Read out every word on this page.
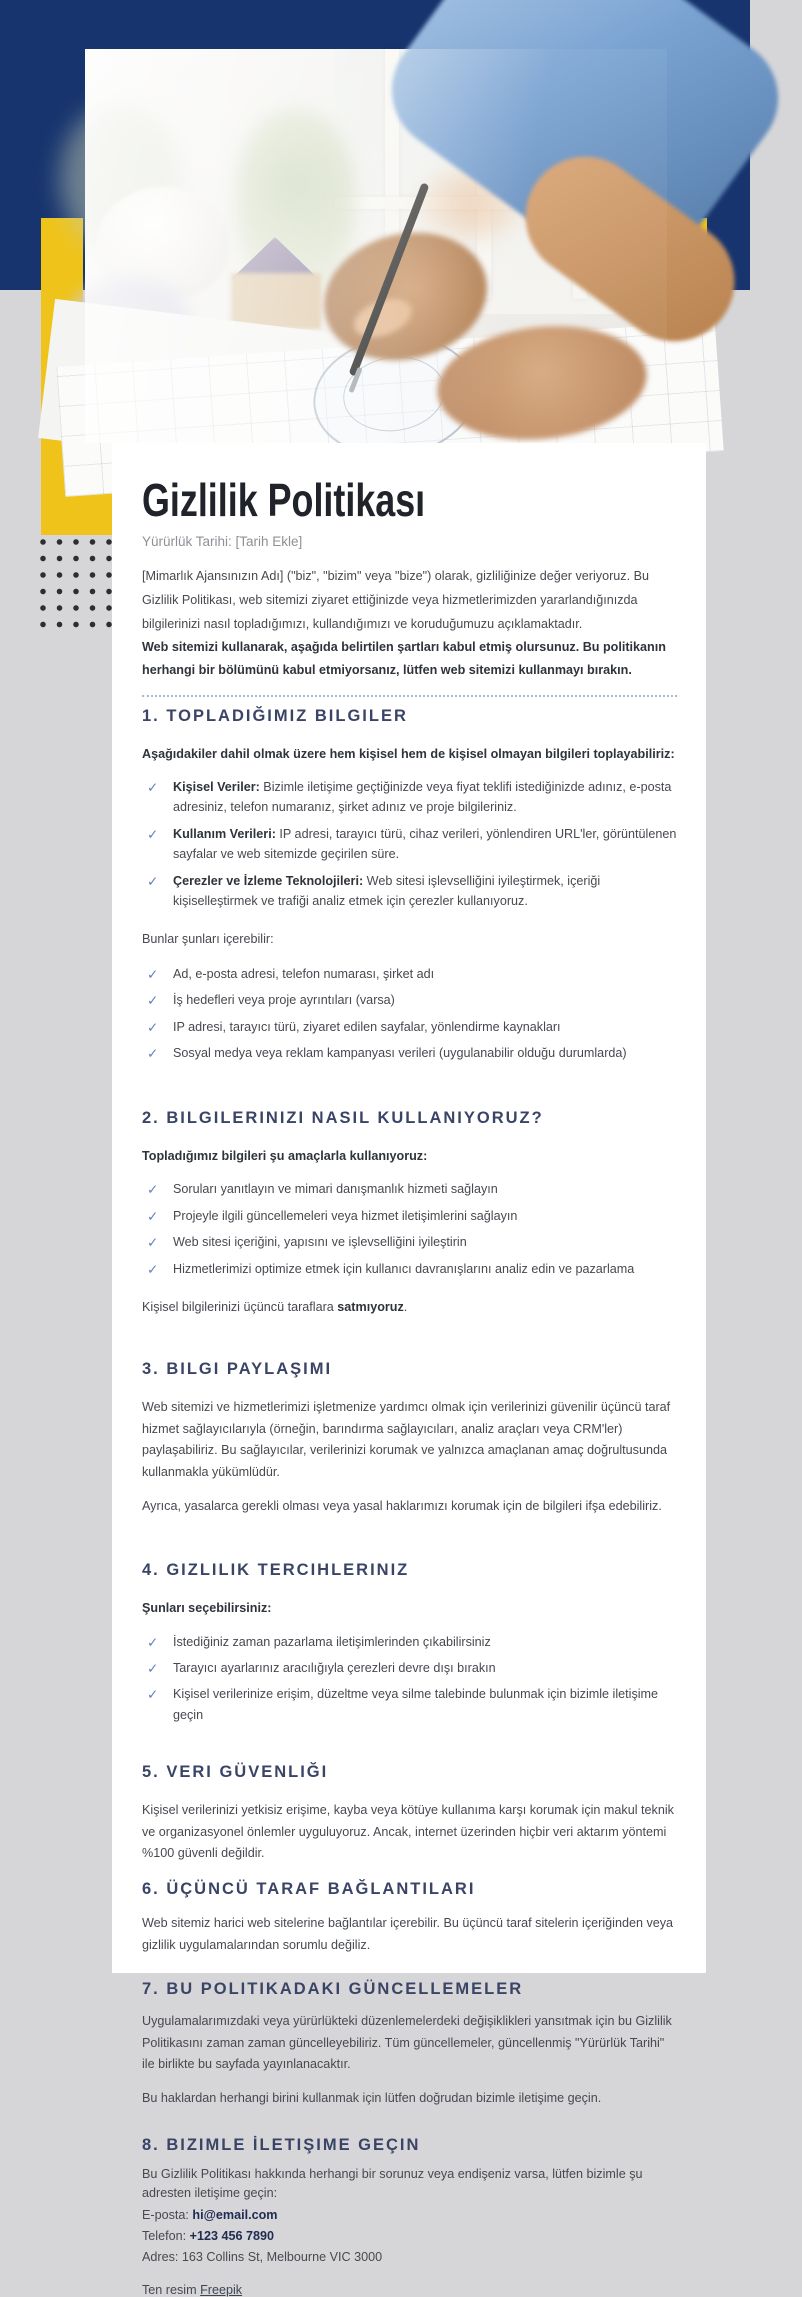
Gizlilik Politikası

Yürürlük Tarihi: [Tarih Ekle]

[Mimarlık Ajansınızın Adı] ("biz", "bizim" veya "bize") olarak, gizliliğinize değer veriyoruz. Bu Gizlilik Politikası, web sitemizi ziyaret ettiğinizde veya hizmetlerimizden yararlandığınızda bilgilerinizi nasıl topladığımızı, kullandığımızı ve koruduğumuzu açıklamaktadır.

Web sitemizi kullanarak, aşağıda belirtilen şartları kabul etmiş olursunuz. Bu politikanın herhangi bir bölümünü kabul etmiyorsanız, lütfen web sitemizi kullanmayı bırakın.

1. TOPLADIĞIMIZ BILGILER

Aşağıdakiler dahil olmak üzere hem kişisel hem de kişisel olmayan bilgileri toplayabiliriz:

✓ Kişisel Veriler: Bizimle iletişime geçtiğinizde veya fiyat teklifi istediğinizde adınız, e-posta adresiniz, telefon numaranız, şirket adınız ve proje bilgileriniz.
✓ Kullanım Verileri: IP adresi, tarayıcı türü, cihaz verileri, yönlendiren URL'ler, görüntülenen sayfalar ve web sitemizde geçirilen süre.
✓ Çerezler ve İzleme Teknolojileri: Web sitesi işlevselliğini iyileştirmek, içeriği kişiselleştirmek ve trafiği analiz etmek için çerezler kullanıyoruz.

Bunlar şunları içerebilir:

✓ Ad, e-posta adresi, telefon numarası, şirket adı
✓ İş hedefleri veya proje ayrıntıları (varsa)
✓ IP adresi, tarayıcı türü, ziyaret edilen sayfalar, yönlendirme kaynakları
✓ Sosyal medya veya reklam kampanyası verileri (uygulanabilir olduğu durumlarda)
2. BILGILERINIZI NASIL KULLANIYORUZ?

Topladığımız bilgileri şu amaçlarla kullanıyoruz:

✓ Soruları yanıtlayın ve mimari danışmanlık hizmeti sağlayın
✓ Projeyle ilgili güncellemeleri veya hizmet iletişimlerini sağlayın
✓ Web sitesi içeriğini, yapısını ve işlevselliğini iyileştirin
✓ Hizmetlerimizi optimize etmek için kullanıcı davranışlarını analiz edin ve pazarlama

Kişisel bilgilerinizi üçüncü taraflara satmıyoruz.

3. BILGI PAYLAŞIMI

Web sitemizi ve hizmetlerimizi işletmenize yardımcı olmak için verilerinizi güvenilir üçüncü taraf hizmet sağlayıcılarıyla (örneğin, barındırma sağlayıcıları, analiz araçları veya CRM'ler) paylaşabiliriz. Bu sağlayıcılar, verilerinizi korumak ve yalnızca amaçlanan amaç doğrultusunda kullanmakla yükümlüdür.

Ayrıca, yasalarca gerekli olması veya yasal haklarımızı korumak için de bilgileri ifşa edebiliriz.

4. GIZLILIK TERCIHLERINIZ

Şunları seçebilirsiniz:

✓ İstediğiniz zaman pazarlama iletişimlerinden çıkabilirsiniz
✓ Tarayıcı ayarlarınız aracılığıyla çerezleri devre dışı bırakın
✓ Kişisel verilerinize erişim, düzeltme veya silme talebinde bulunmak için bizimle iletişime geçin
5. VERI GÜVENLIĞI

Kişisel verilerinizi yetkisiz erişime, kayba veya kötüye kullanıma karşı korumak için makul teknik ve organizasyonel önlemler uyguluyoruz. Ancak, internet üzerinden hiçbir veri aktarım yöntemi %100 güvenli değildir.

6. ÜÇÜNCÜ TARAF BAĞLANTILARI

Web sitemiz harici web sitelerine bağlantılar içerebilir. Bu üçüncü taraf sitelerin içeriğinden veya gizlilik uygulamalarından sorumlu değiliz.

7. BU POLITIKADAKI GÜNCELLEMELER

Uygulamalarımızdaki veya yürürlükteki düzenlemelerdeki değişiklikleri yansıtmak için bu Gizlilik Politikasını zaman zaman güncelleyebiliriz. Tüm güncellemeler, güncellenmiş "Yürürlük Tarihi" ile birlikte bu sayfada yayınlanacaktır.

Bu haklardan herhangi birini kullanmak için lütfen doğrudan bizimle iletişime geçin.

8. BIZIMLE İLETIŞIME GEÇIN

Bu Gizlilik Politikası hakkında herhangi bir sorunuz veya endişeniz varsa, lütfen bizimle şu adresten iletişime geçin:

E-posta: hi@email.com
Telefon: +123 456 7890
Adres: 163 Collins St, Melbourne VIC 3000

Ten resim Freepik
